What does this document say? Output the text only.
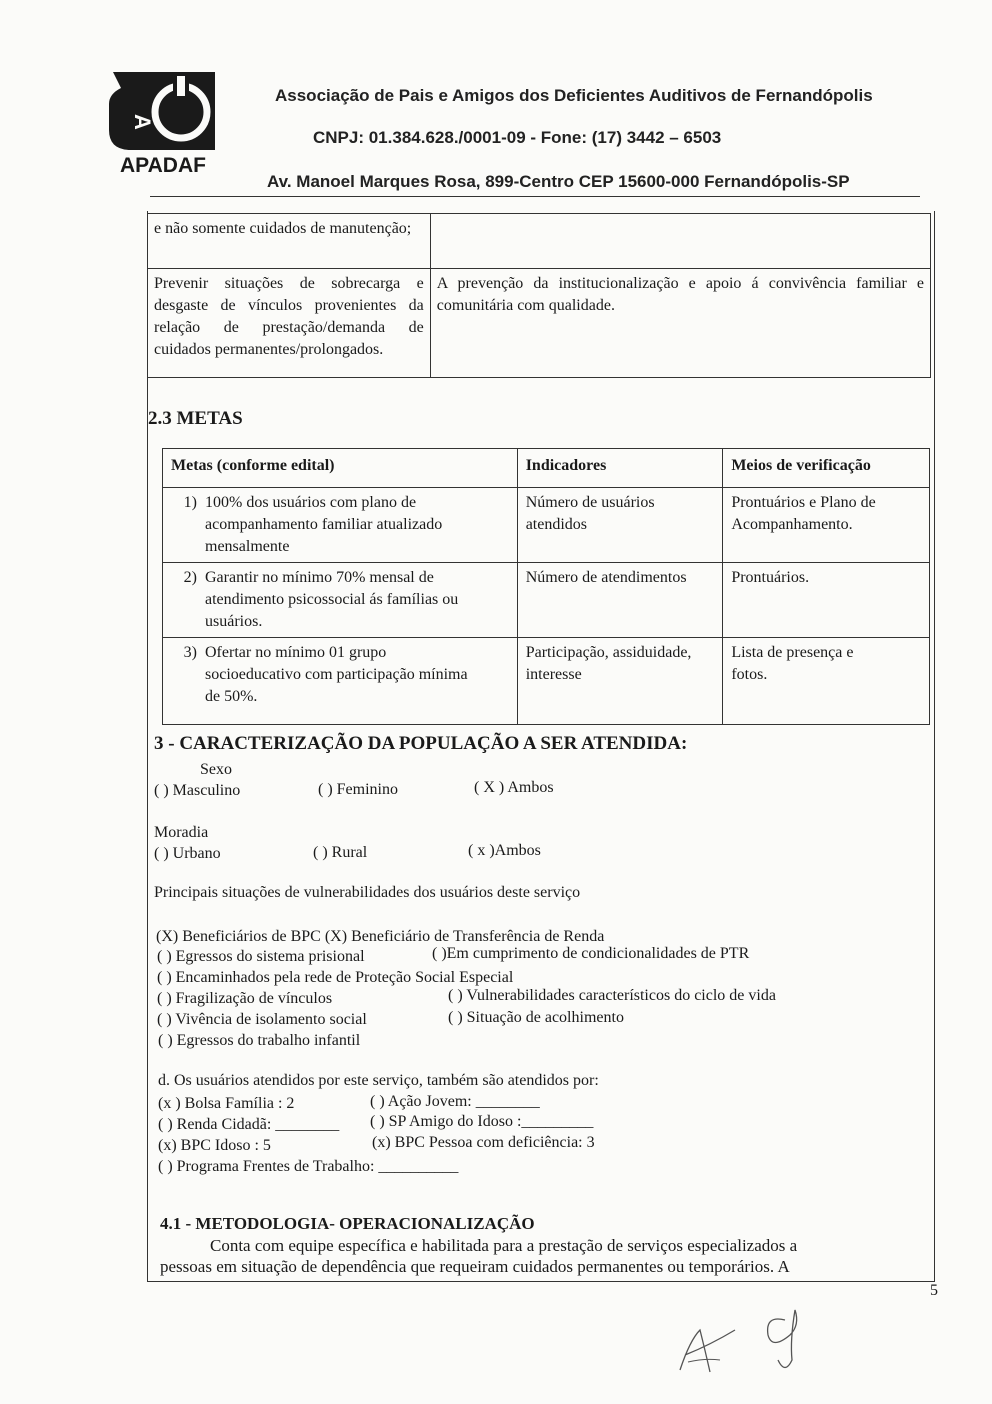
A
APADAF
Associação de Pais e Amigos dos Deficientes Auditivos de Fernandópolis
CNPJ: 01.384.628./0001-09 - Fone: (17) 3442 – 6503
Av. Manoel Marques Rosa, 899-Centro CEP 15600-000 Fernandópolis-SP
e não somente cuidados de manutenção;	
Prevenir situações de sobrecarga e desgaste de vínculos provenientes da relação de prestação/demanda de cuidados permanentes/prolongados.	A prevenção da institucionalização e apoio á convivência familiar e comunitária com qualidade.
2.3 METAS
Metas (conforme edital)	Indicadores	Meios de verificação
1) 100% dos usuários com plano de acompanhamento familiar atualizado mensalmente	Número de usuários atendidos	Prontuários e Plano de Acompanhamento.
2) Garantir no mínimo 70% mensal de atendimento psicossocial ás famílias ou usuários.	Número de atendimentos	Prontuários.
3) Ofertar no mínimo 01 grupo socioeducativo com participação mínima de 50%.	Participação, assiduidade, interesse	Lista de presença e fotos.
3 - CARACTERIZAÇÃO DA POPULAÇÃO A SER ATENDIDA:
Sexo
( ) Masculino	( ) Feminino	( X ) Ambos
Moradia
( ) Urbano	( ) Rural	( x )Ambos
Principais situações de vulnerabilidades dos usuários deste serviço
(X) Beneficiários de BPC (X) Beneficiário de Transferência de Renda
( ) Egressos do sistema prisional	( )Em cumprimento de condicionalidades de PTR
( ) Encaminhados pela rede de Proteção Social Especial
( ) Fragilização de vínculos	( ) Vulnerabilidades característicos do ciclo de vida
( ) Vivência de isolamento social	( ) Situação de acolhimento
( ) Egressos do trabalho infantil
d. Os usuários atendidos por este serviço, também são atendidos por:
(x ) Bolsa Família : 2	( ) Ação Jovem: ________
( ) Renda Cidadã: ________ ( ) SP Amigo do Idoso :_________
(x) BPC Idoso : 5	(x) BPC Pessoa com deficiência: 3
( ) Programa Frentes de Trabalho: __________
4.1 - METODOLOGIA- OPERACIONALIZAÇÃO
Conta com equipe específica e habilitada para a prestação de serviços especializados a
pessoas em situação de dependência que requeiram cuidados permanentes ou temporários. A
5
